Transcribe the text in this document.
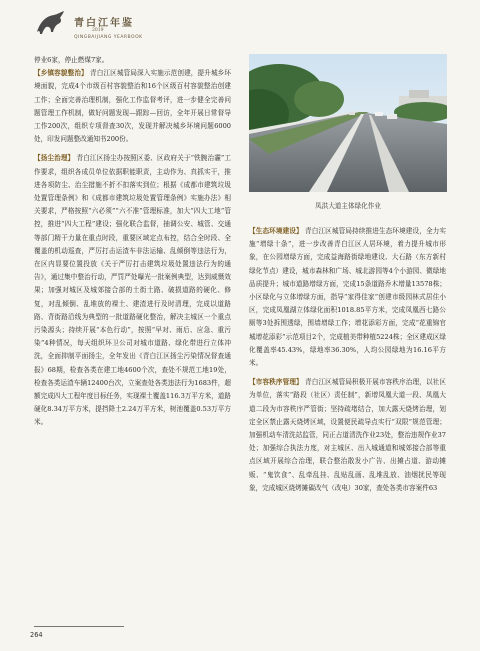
青白江年鉴
2019
QINGBAIJIANG YEARBOOK

停业6家，停止燃煤7家。

【乡镇容貌整治】 青白江区城管局深入实施示范创建，提升城乡环境面貌，完成4个市级百村容貌整治和16个区级百村容貌整治创建工作；全面完善治理机制，强化工作监督考评，进一步健全完善问题管理工作机制，做好问题发现—跟踪—回访，全年开展日常督导工作200次，组织专项督查30次，发现并解决城乡环境问题6000处，印发问题整改通知书200份。

【扬尘治理】 青白江区扬尘办按照区委、区政府关于“铁腕治霾”工作要求，组织各成员单位依据职能职责，主动作为、真抓实干，推进各项防尘、治尘措施不折不扣落实到位；根据《成都市建筑垃圾处置管理条例》和《成都市建筑垃圾处置管理条例》实施办法》相关要求，严格按照“六必须”“六不准”管理标准，加大“四大工地”管控，推进“四大工程”建设；强化联合监督，抽调公安、城管、交通等部门精干力量在重点时段，重要区域定点布控，结合全时段、全覆盖的机动巡查，严厉打击运渣车非法运输、乱倾倒等违法行为，在区内显要位置投放《关于严厉打击建筑垃圾处置违法行为的通告》，通过集中整治行动，严罚严处曝光一批案例典型，达到威慑效果；加强对城区及城郊接合部的土街土路、破损道路的硬化、修复，对乱倾倒、乱堆放的裸土、建渣进行及时清理，完成以道路路、背街路沿线为典型的一批道路硬化整治，解决主城区一个重点污染源头；持续开展“本色行动”，按照“早对、雨后、应急、重污染”4种情况，每天组织环卫公司对城市道路、绿化带进行立体冲洗，全面抑制平面扬尘，全年发出《青白江区扬尘污染情况督查通报》68期，检查各类在建工地4600个次，查处不规范工地19处，检查各类运渣车辆12400台次，立案查处各类违法行为1683件，超额完成四大工程年度目标任务，实现裸土覆盖116.3万平方米，道路硬化8.34万平方米，提挡降土2.24万平方米，树池覆盖0.53万平方米。

凤洪大道主体绿化作业

【生态环境建设】 青白江区城管局持续推进生态环境建设，全力实施“增绿十条”，进一步改善青白江区人居环境，着力提升城市形象，在公园增绿方面，完成益海路街绿地建设、大石路（东方新村绿化节点）建设，城市森林和广场、城北游园等4个小游园、微绿地品质提升；城市道路增绿方面，完成15条道路乔木增量13578株；小区绿化与立体增绿方面，指导“家得佳家”创建市级园林式居住小区，完成凤凰湖立体绿化面积1018.85平方米，完成凤凰西七路公厕等3处拆围透绿，围墙增绿工作；增花添彩方面，完成“花重锦官城增花添彩”示范项目2个，完成植美带种植5224株；全区建成区绿化覆盖率45.43%，绿地率36.30%，人均公园绿地为16.16平方米。

【市容秩序管理】 青白江区城管局积极开展市容秩序治理，以社区为单位，落实“路段（社区）责任制”，新增凤凰大道一段、凤凰大道二段为市容秩序严管街；坚持疏堵结合，加大露天烧烤治理，划定全区禁止露天烧烤区域，设置便民疏导点实行“双限”规范管理；加强机动车清洗站监管，同正占道清洗作业23处，整治违规作业37处；加强综合执法力度，对主城区、出入城通道和城郊接合部等重点区域开展综合治理，联合整治散发小广告、出摊占道、游动摊贩、“鬼饮食”、乱牵乱挂、乱贴乱画、乱堆乱放、油烟扰民等现象，完成城区烧烤摊碳改气（改电）30家，查处各类市容案件63

264
